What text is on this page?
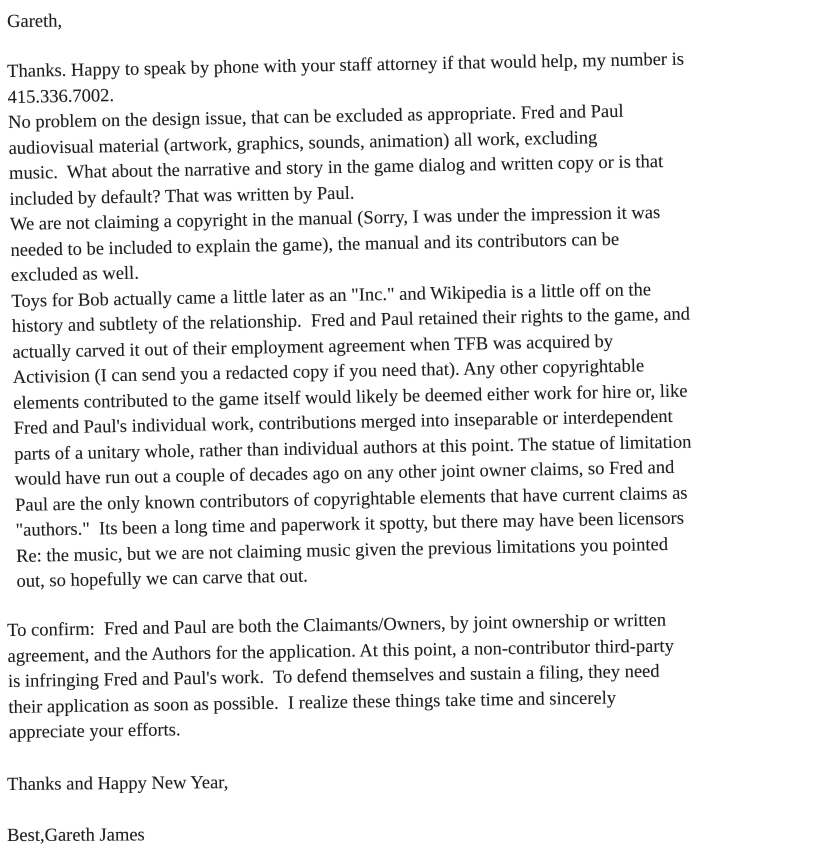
Gareth,
Thanks. Happy to speak by phone with your staff attorney if that would help, my number is
415.336.7002.
No problem on the design issue, that can be excluded as appropriate. Fred and Paul
audiovisual material (artwork, graphics, sounds, animation) all work, excluding
music.  What about the narrative and story in the game dialog and written copy or is that
included by default? That was written by Paul.
We are not claiming a copyright in the manual (Sorry, I was under the impression it was
needed to be included to explain the game), the manual and its contributors can be
excluded as well.
Toys for Bob actually came a little later as an "Inc." and Wikipedia is a little off on the
history and subtlety of the relationship.  Fred and Paul retained their rights to the game, and
actually carved it out of their employment agreement when TFB was acquired by
Activision (I can send you a redacted copy if you need that). Any other copyrightable
elements contributed to the game itself would likely be deemed either work for hire or, like
Fred and Paul's individual work, contributions merged into inseparable or interdependent
parts of a unitary whole, rather than individual authors at this point. The statue of limitation
would have run out a couple of decades ago on any other joint owner claims, so Fred and
Paul are the only known contributors of copyrightable elements that have current claims as
"authors."  Its been a long time and paperwork it spotty, but there may have been licensors
Re: the music, but we are not claiming music given the previous limitations you pointed
out, so hopefully we can carve that out.
To confirm:  Fred and Paul are both the Claimants/Owners, by joint ownership or written
agreement, and the Authors for the application. At this point, a non-contributor third-party
is infringing Fred and Paul's work.  To defend themselves and sustain a filing, they need
their application as soon as possible.  I realize these things take time and sincerely
appreciate your efforts.
Thanks and Happy New Year,
Best,Gareth James
